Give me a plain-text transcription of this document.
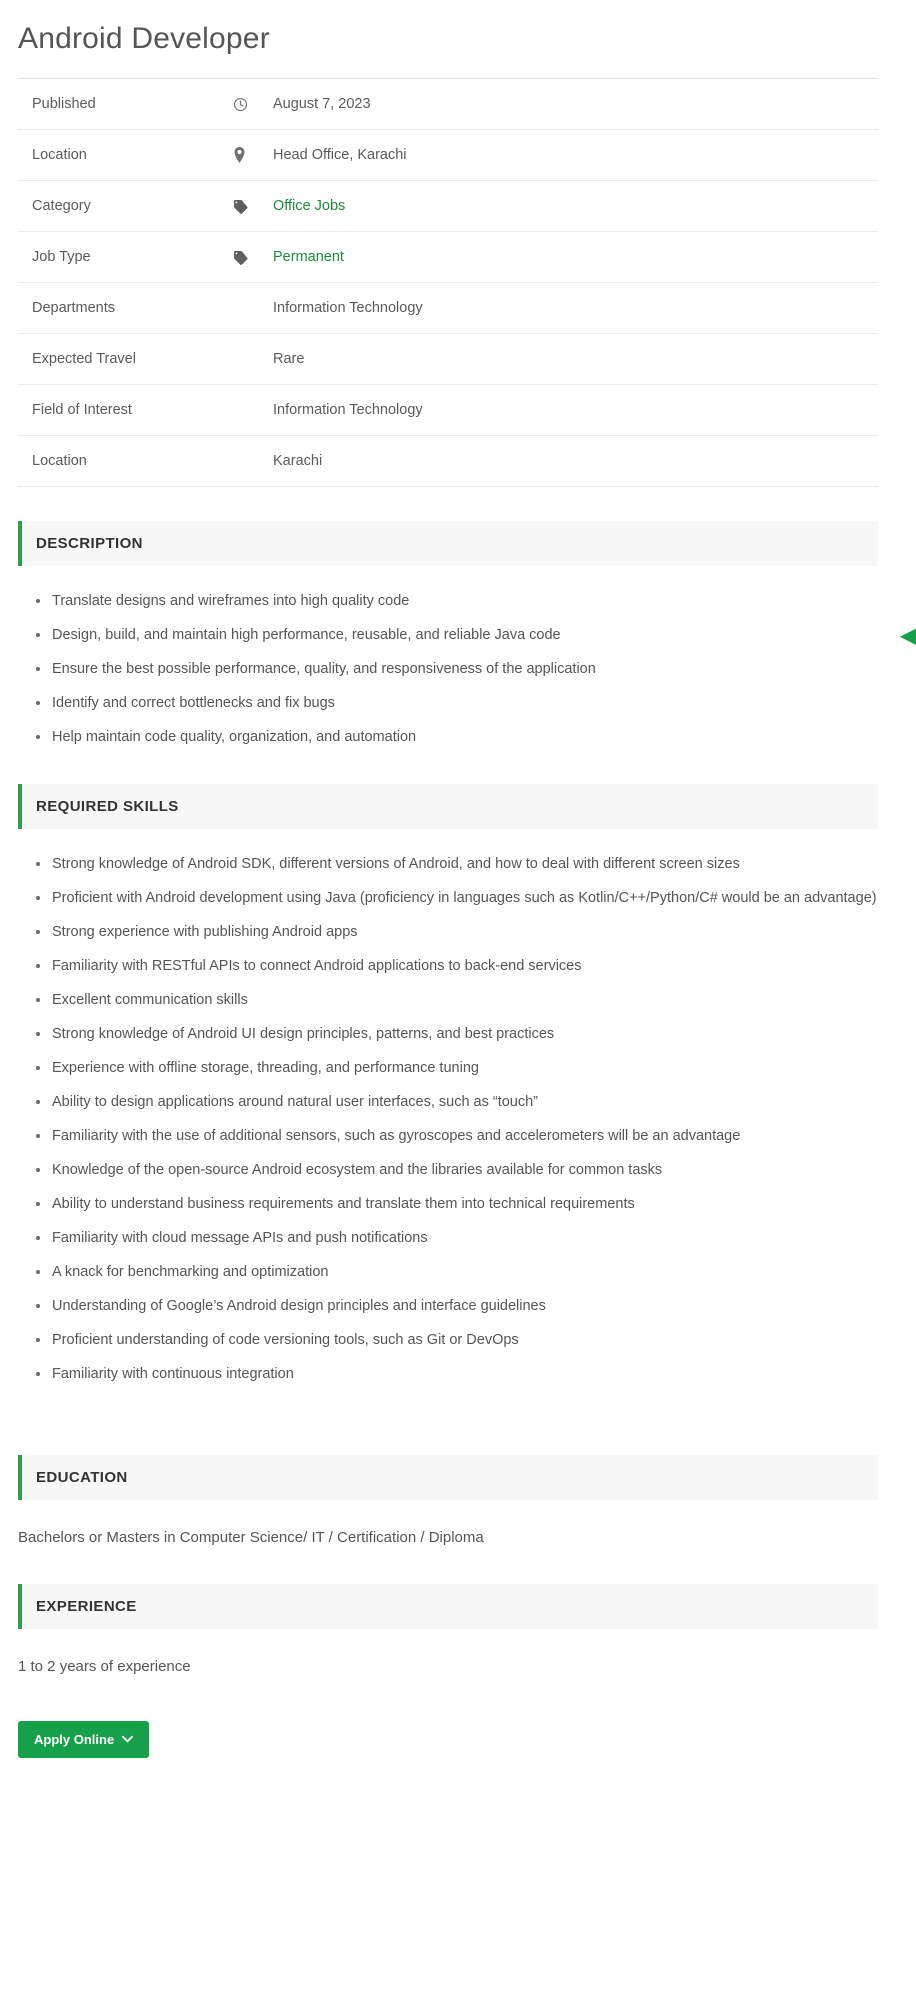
Android Developer
Published		August 7, 2023
Location		Head Office, Karachi
Category		Office Jobs
Job Type		Permanent
Departments		Information Technology
Expected Travel		Rare
Field of Interest		Information Technology
Location		Karachi
DESCRIPTION
Translate designs and wireframes into high quality code
Design, build, and maintain high performance, reusable, and reliable Java code
Ensure the best possible performance, quality, and responsiveness of the application
Identify and correct bottlenecks and fix bugs
Help maintain code quality, organization, and automation
REQUIRED SKILLS
Strong knowledge of Android SDK, different versions of Android, and how to deal with different screen sizes
Proficient with Android development using Java (proficiency in languages such as Kotlin/C++/Python/C# would be an advantage)
Strong experience with publishing Android apps
Familiarity with RESTful APIs to connect Android applications to back-end services
Excellent communication skills
Strong knowledge of Android UI design principles, patterns, and best practices
Experience with offline storage, threading, and performance tuning
Ability to design applications around natural user interfaces, such as “touch”
Familiarity with the use of additional sensors, such as gyroscopes and accelerometers will be an advantage
Knowledge of the open-source Android ecosystem and the libraries available for common tasks
Ability to understand business requirements and translate them into technical requirements
Familiarity with cloud message APIs and push notifications
A knack for benchmarking and optimization
Understanding of Google’s Android design principles and interface guidelines
Proficient understanding of code versioning tools, such as Git or DevOps
Familiarity with continuous integration
EDUCATION

Bachelors or Masters in Computer Science/ IT / Certification / Diploma

EXPERIENCE

1 to 2 years of experience

Apply Online
◀
